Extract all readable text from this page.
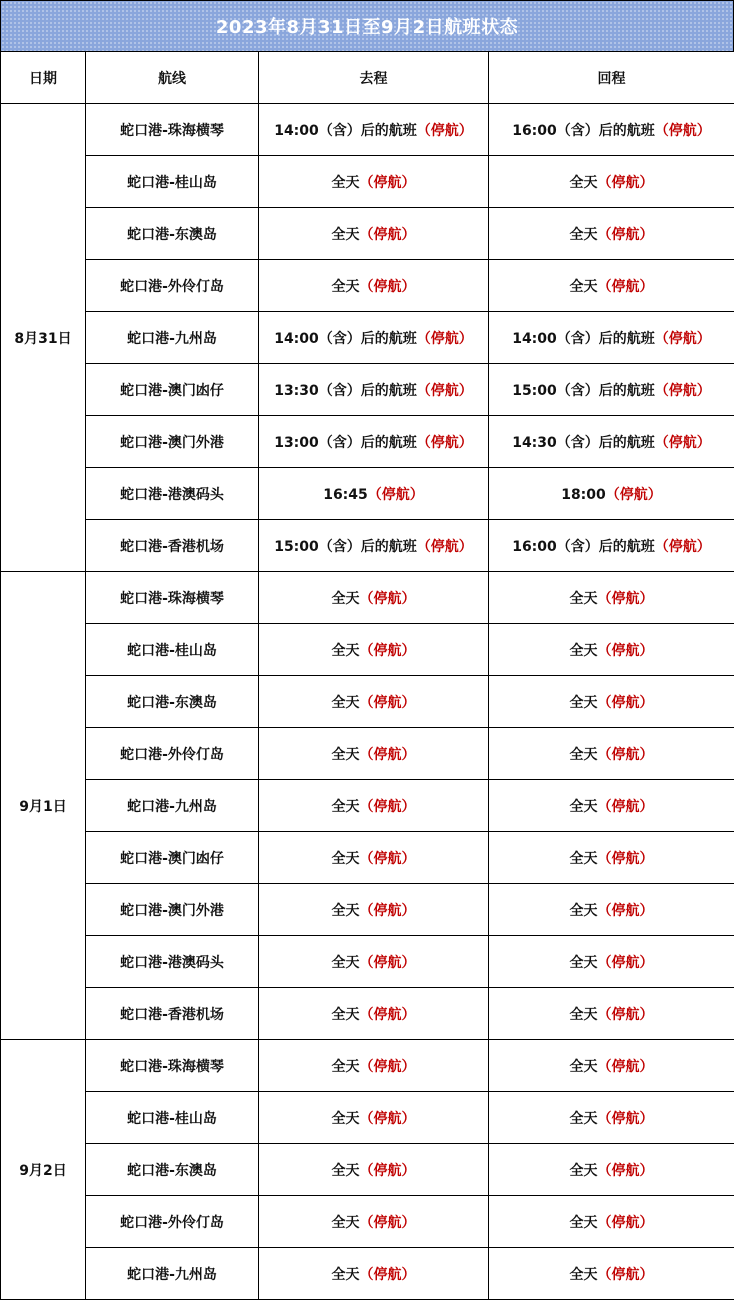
2023年8月31日至9月2日航班状态
日期	航线	去程	回程
8月31日	蛇口港-珠海横琴	14:00（含）后的航班（停航）	16:00（含）后的航班（停航）
	蛇口港-桂山岛	全天（停航）	全天（停航）
	蛇口港-东澳岛	全天（停航）	全天（停航）
	蛇口港-外伶仃岛	全天（停航）	全天（停航）
	蛇口港-九州岛	14:00（含）后的航班（停航）	14:00（含）后的航班（停航）
	蛇口港-澳门凼仔	13:30（含）后的航班（停航）	15:00（含）后的航班（停航）
	蛇口港-澳门外港	13:00（含）后的航班（停航）	14:30（含）后的航班（停航）
	蛇口港-港澳码头	16:45（停航）	18:00（停航）
	蛇口港-香港机场	15:00（含）后的航班（停航）	16:00（含）后的航班（停航）
9月1日	蛇口港-珠海横琴	全天（停航）	全天（停航）
	蛇口港-桂山岛	全天（停航）	全天（停航）
	蛇口港-东澳岛	全天（停航）	全天（停航）
	蛇口港-外伶仃岛	全天（停航）	全天（停航）
	蛇口港-九州岛	全天（停航）	全天（停航）
	蛇口港-澳门凼仔	全天（停航）	全天（停航）
	蛇口港-澳门外港	全天（停航）	全天（停航）
	蛇口港-港澳码头	全天（停航）	全天（停航）
	蛇口港-香港机场	全天（停航）	全天（停航）
9月2日	蛇口港-珠海横琴	全天（停航）	全天（停航）
	蛇口港-桂山岛	全天（停航）	全天（停航）
	蛇口港-东澳岛	全天（停航）	全天（停航）
	蛇口港-外伶仃岛	全天（停航）	全天（停航）
	蛇口港-九州岛	全天（停航）	全天（停航）
